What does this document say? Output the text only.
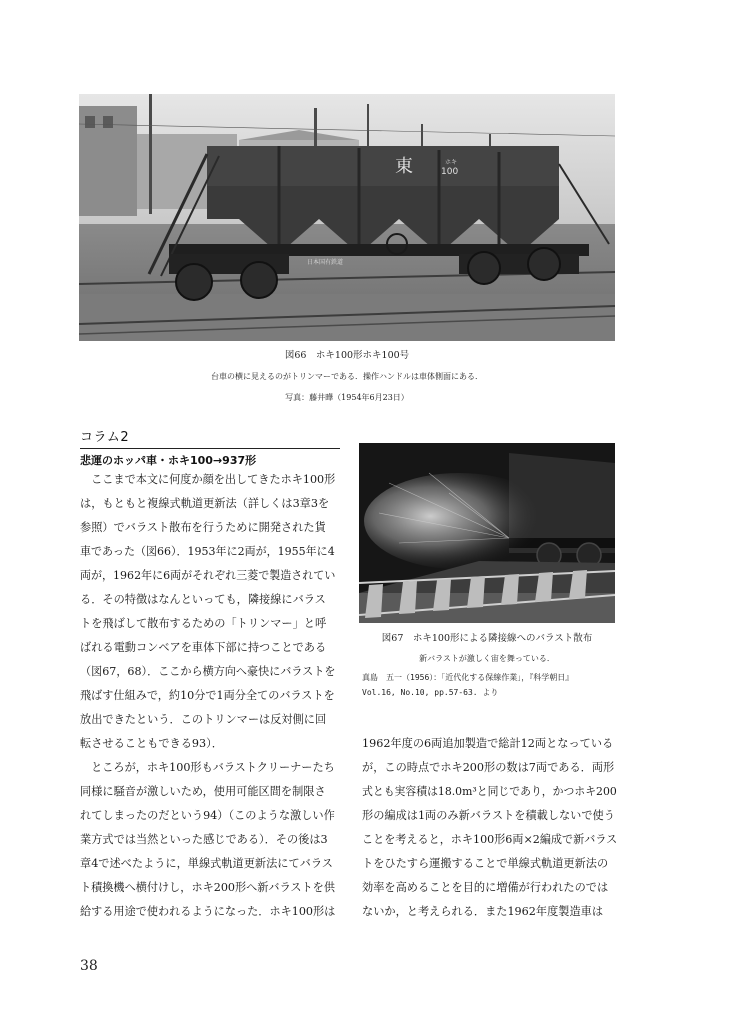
東	ホキ
100
日本国有鉄道
図66　ホキ100形ホキ100号
台車の横に見えるのがトリンマーである．操作ハンドルは車体側面にある．
写真：藤井曄（1954年6月23日）
コラム2
悲運のホッパ車・ホキ100→937形
　ここまで本文に何度か顔を出してきたホキ100形
は，もともと複線式軌道更新法（詳しくは3章3を
参照）でバラスト散布を行うために開発された貨
車であった（図66）．1953年に2両が，1955年に4
両が，1962年に6両がそれぞれ三菱で製造されてい
る．その特徴はなんといっても，隣接線にバラス
トを飛ばして散布するための「トリンマー」と呼
ばれる電動コンベアを車体下部に持つことである
（図67，68）．ここから横方向へ豪快にバラストを
飛ばす仕組みで，約10分で1両分全てのバラストを
放出できたという．このトリンマーは反対側に回
転させることもできる93）．
　ところが，ホキ100形もバラストクリーナーたち
同様に騒音が激しいため，使用可能区間を制限さ
れてしまったのだという94）（このような激しい作
業方式では当然といった感じである）．その後は3
章4で述べたように，単線式軌道更新法にてバラス
ト積換機へ横付けし，ホキ200形へ新バラストを供
給する用途で使われるようになった．ホキ100形は
図67　ホキ100形による隣接線へのバラスト散布
新バラストが激しく宙を舞っている．
真島　五一（1956）：「近代化する保線作業」，『科学朝日』
Vol.16, No.10, pp.57-63. より
1962年度の6両追加製造で総計12両となっている
が，この時点でホキ200形の数は7両である．両形
式とも実容積は18.0m³と同じであり，かつホキ200
形の編成は1両のみ新バラストを積載しないで使う
ことを考えると，ホキ100形6両×2編成で新バラス
トをひたすら運搬することで単線式軌道更新法の
効率を高めることを目的に増備が行われたのでは
ないか，と考えられる．また1962年度製造車は
38
